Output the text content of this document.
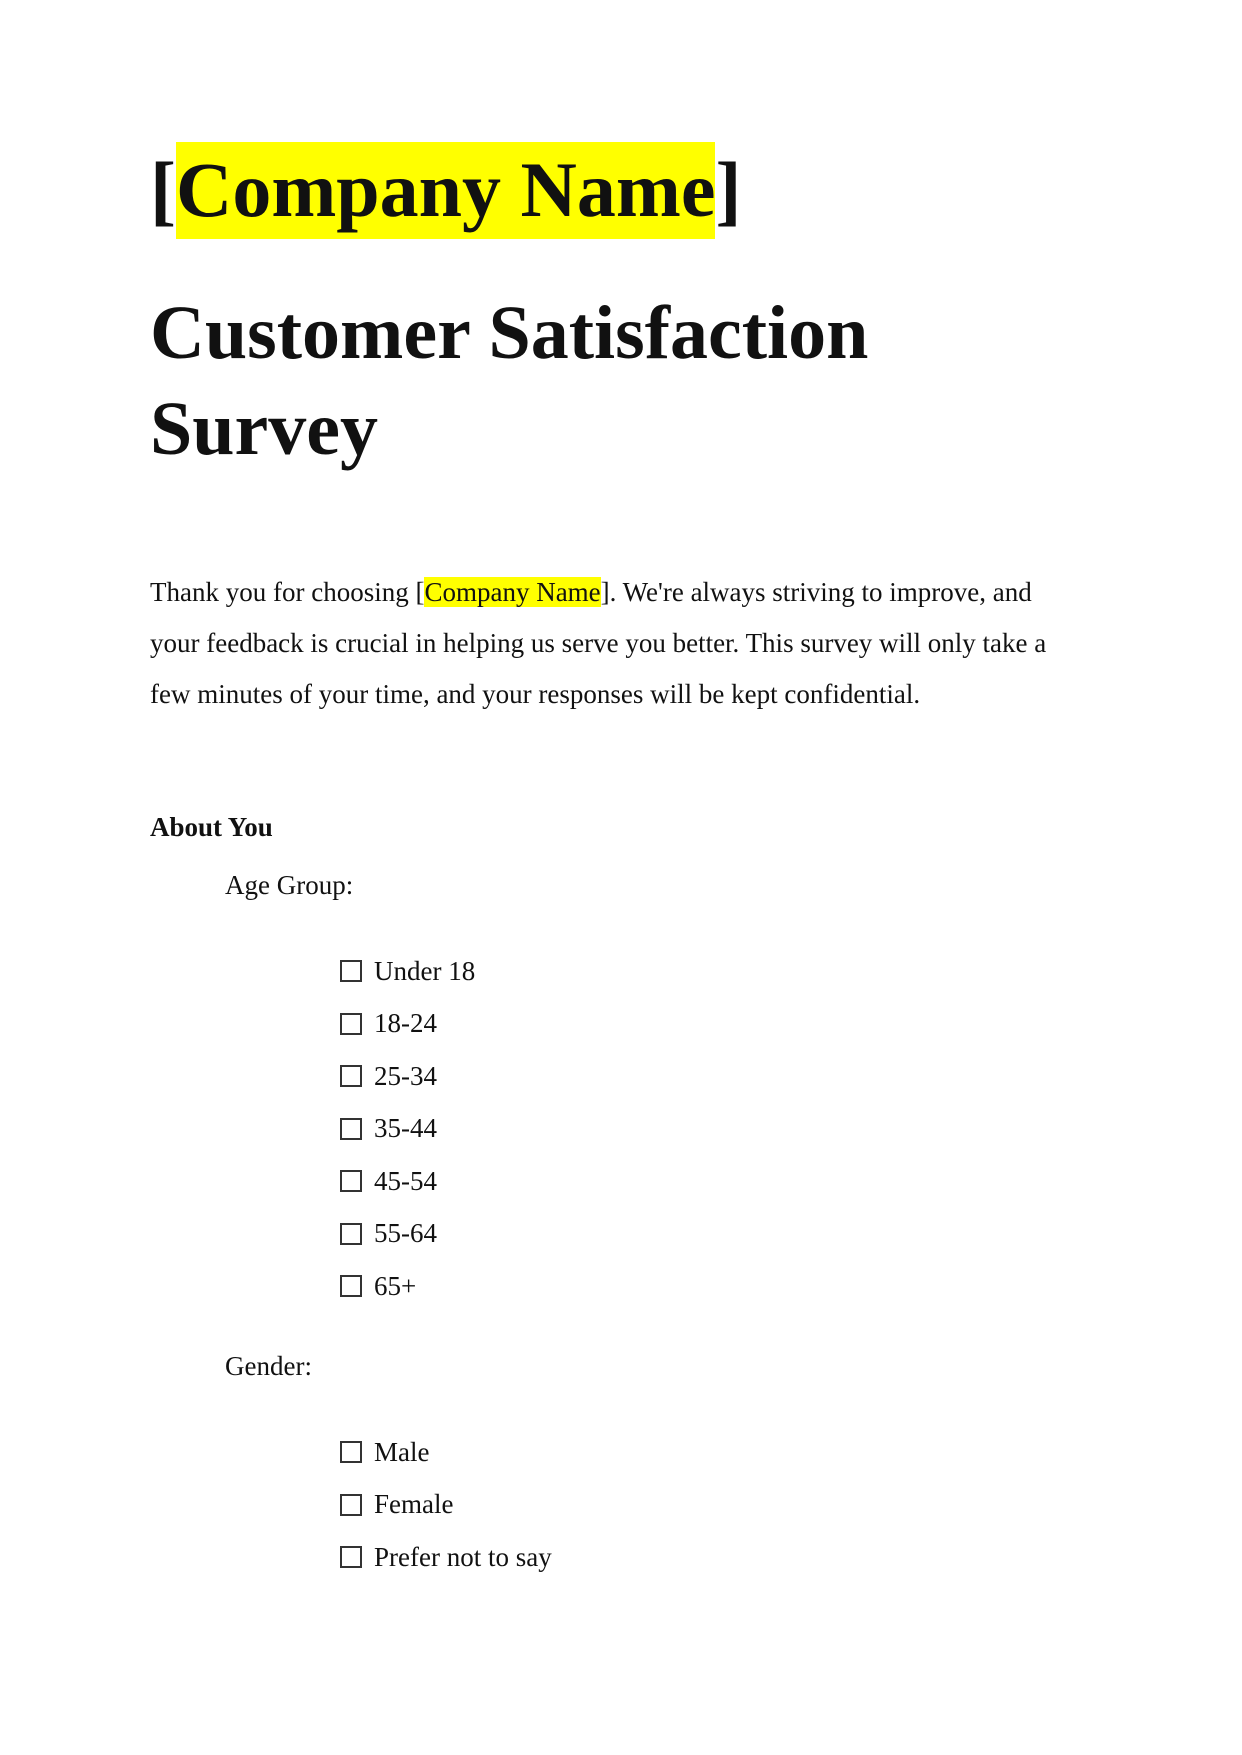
[Company Name]
Customer Satisfaction Survey

Thank you for choosing [Company Name]. We're always striving to improve, and your feedback is crucial in helping us serve you better. This survey will only take a few minutes of your time, and your responses will be kept confidential.

About You

Age Group:

Under 18
18-24
25-34
35-44
45-54
55-64
65+

Gender:

Male
Female
Prefer not to say
